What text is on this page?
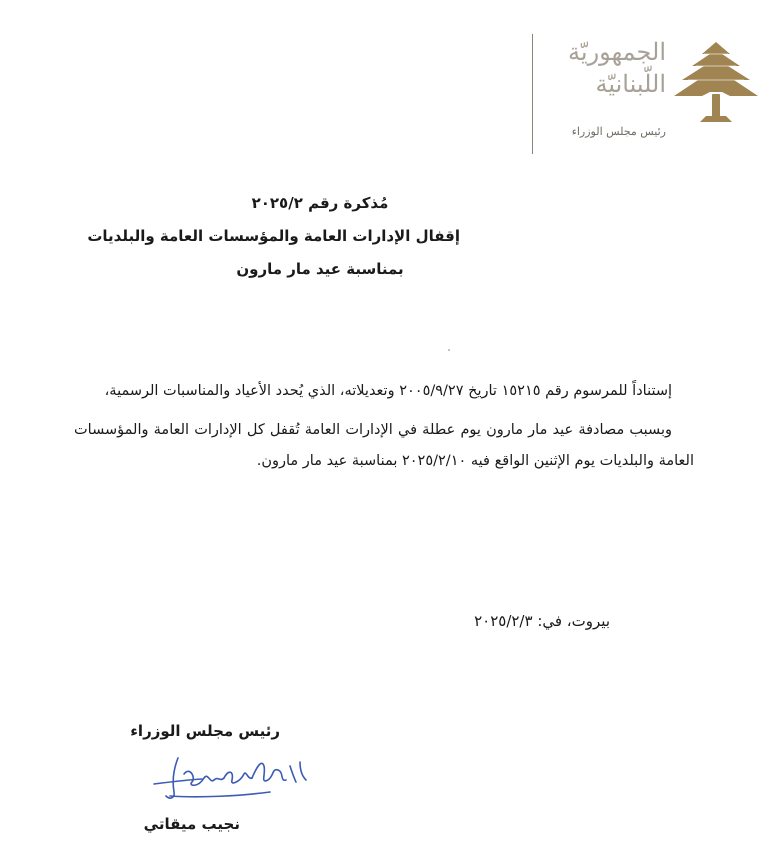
الجمهوريّة
اللّبنانيّة
رئيس مجلس الوزراء
مُذكرة رقم ٢٠٢٥/٢
إقفال الإدارات العامة والمؤسسات العامة والبلديات
بمناسبة عيد مار مارون

إستناداً للمرسوم رقم ١٥٢١٥ تاريخ ٢٠٠٥/٩/٢٧ وتعديلاته، الذي يُحدد الأعياد والمناسبات الرسمية،

وبسبب مصادفة عيد مار مارون يوم عطلة في الإدارات العامة تُقفل كل الإدارات العامة والمؤسسات العامة والبلديات يوم الإثنين الواقع فيه ٢٠٢٥/٢/١٠ بمناسبة عيد مار مارون.

بيروت، في: ٢٠٢٥/٢/٣
رئيس مجلس الوزراء
نجيب ميقاتي
